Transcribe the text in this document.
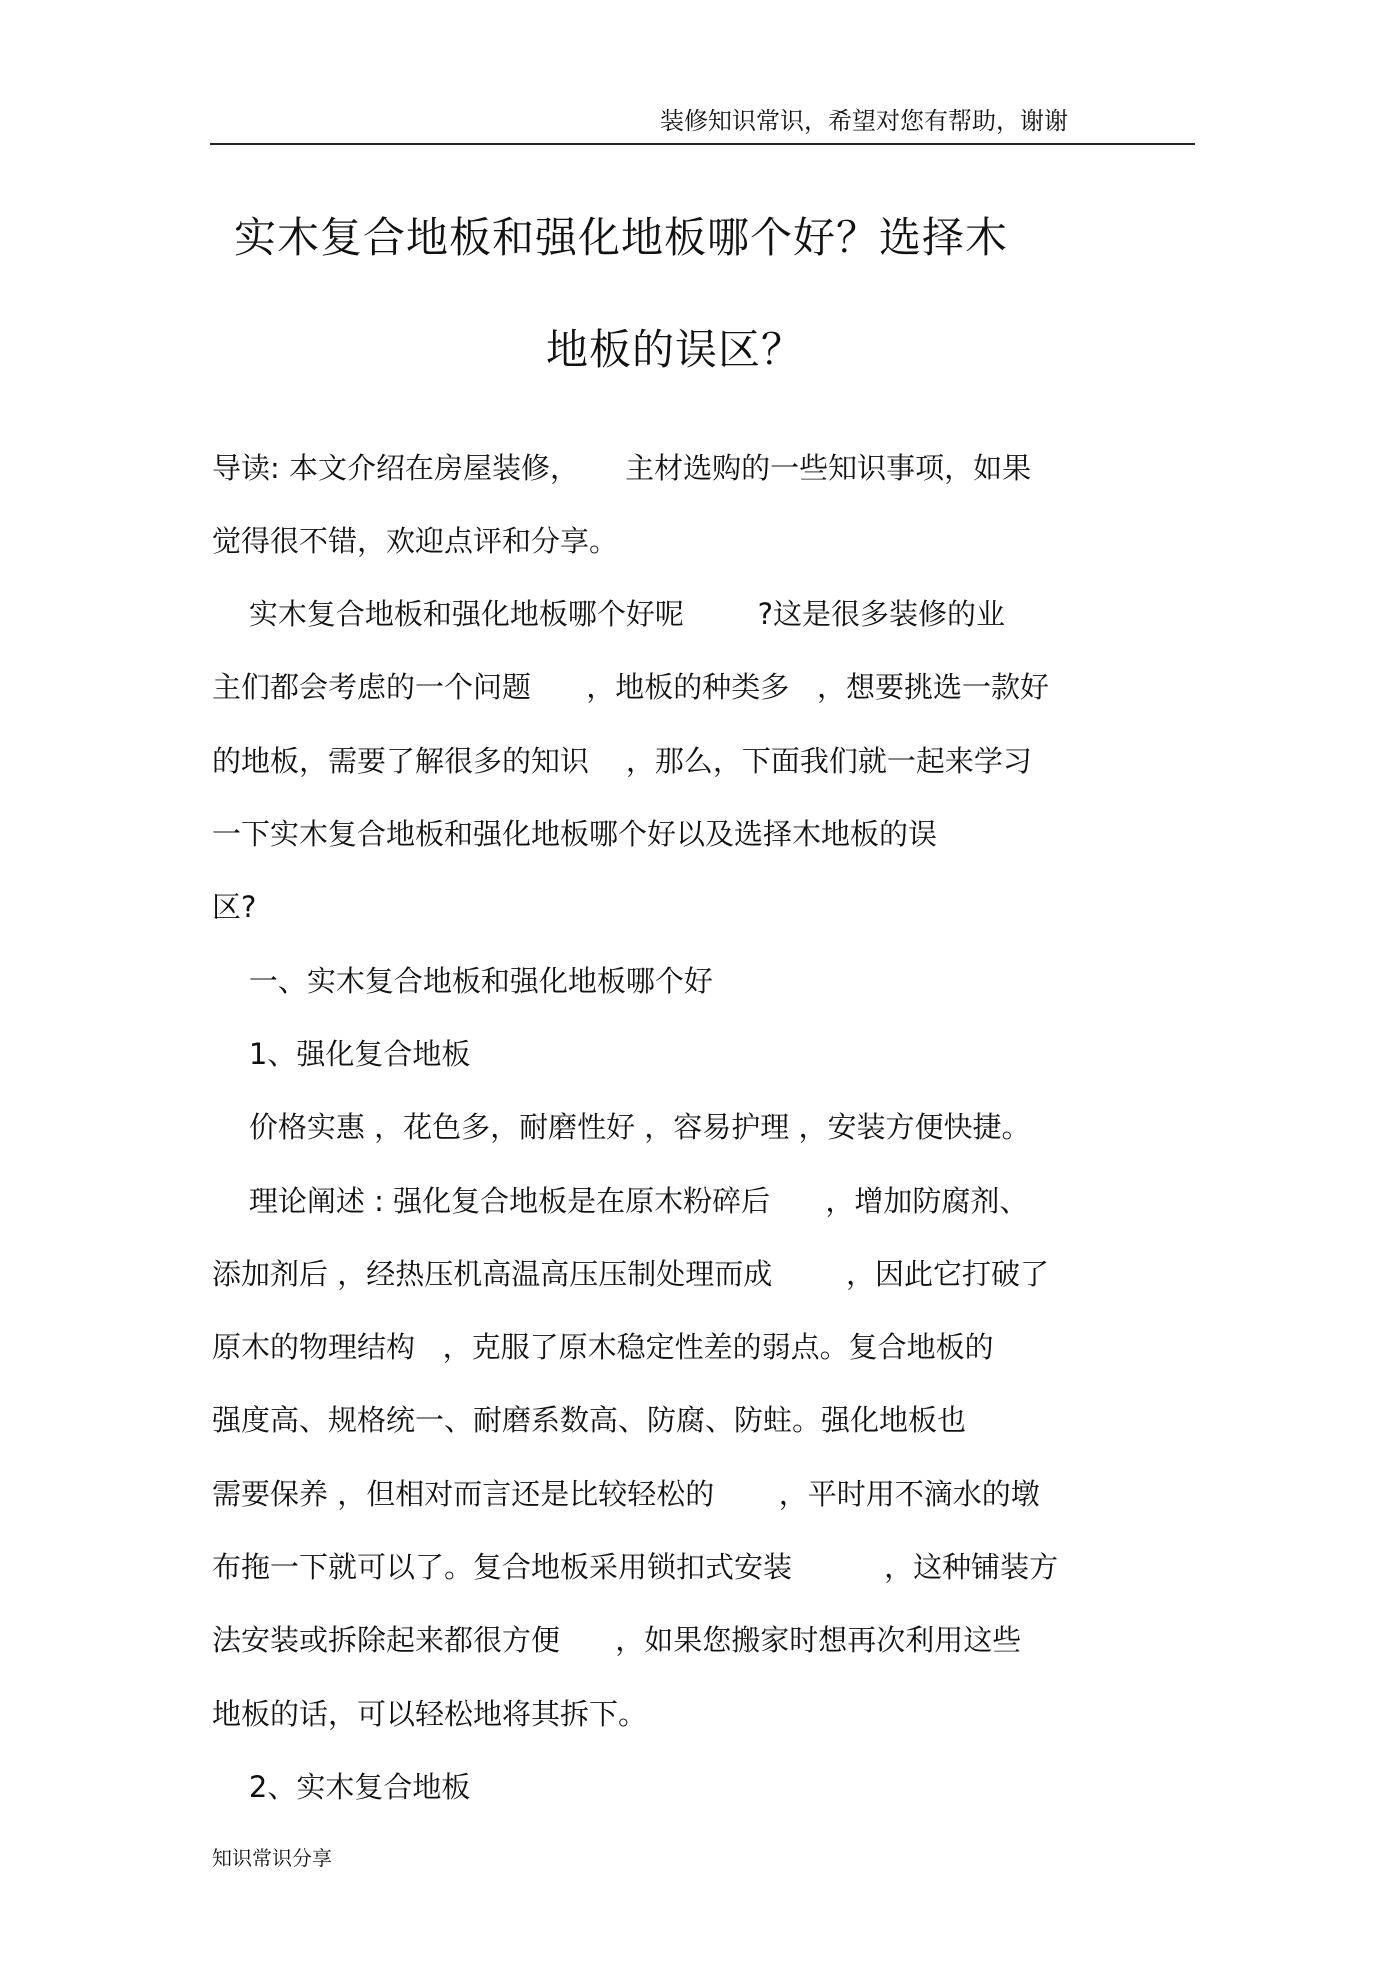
装修知识常识，希望对您有帮助，谢谢
实木复合地板和强化地板哪个好？选择木
地板的误区？
导读: 本文介绍在房屋装修，     主材选购的一些知识事项，如果
觉得很不错，欢迎点评和分享。
实木复合地板和强化地板哪个好呢        ?这是很多装修的业
主们都会考虑的一个问题      ，地板的种类多   ，想要挑选一款好
的地板，需要了解很多的知识    ，那么，下面我们就一起来学习
一下实木复合地板和强化地板哪个好以及选择木地板的误
区?
一、实木复合地板和强化地板哪个好
1、强化复合地板
价格实惠 ，花色多，耐磨性好 ，容易护理 ，安装方便快捷。
理论阐述 : 强化复合地板是在原木粉碎后      ，增加防腐剂、
添加剂后 ，经热压机高温高压压制处理而成        ，因此它打破了
原木的物理结构   ，克服了原木稳定性差的弱点。复合地板的
强度高、规格统一、耐磨系数高、防腐、防蛀。强化地板也
需要保养 ，但相对而言还是比较轻松的       ，平时用不滴水的墩
布拖一下就可以了。复合地板采用锁扣式安装          ，这种铺装方
法安装或拆除起来都很方便      ，如果您搬家时想再次利用这些
地板的话，可以轻松地将其拆下。
2、实木复合地板
知识常识分享
